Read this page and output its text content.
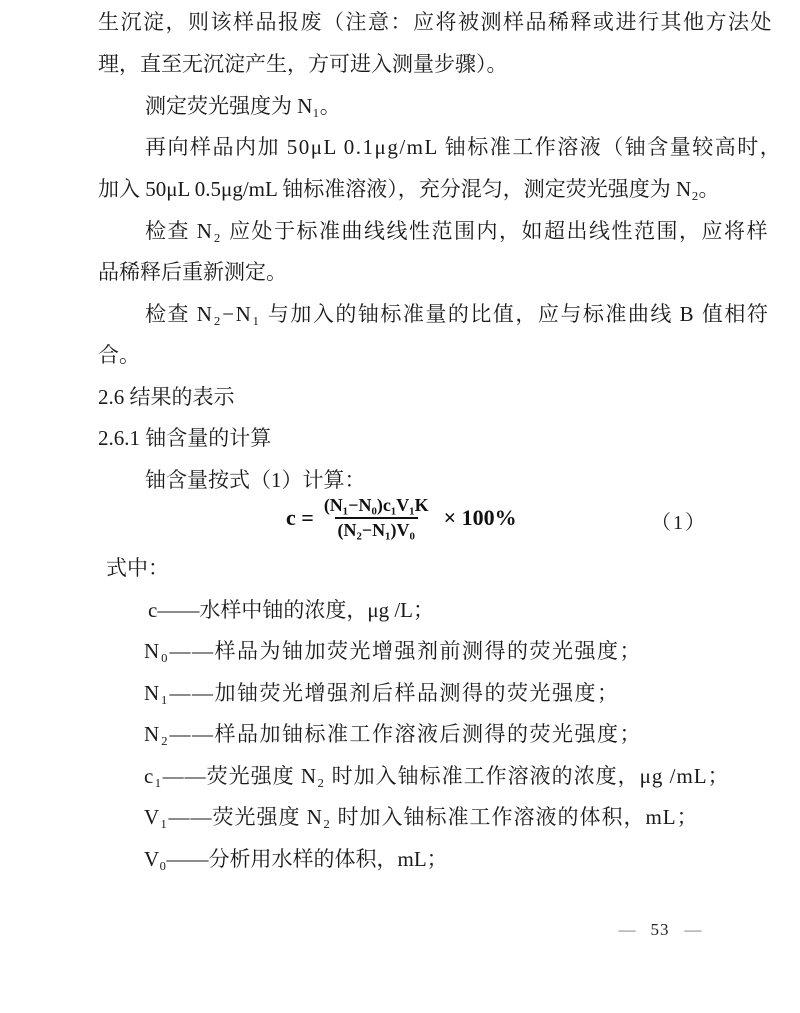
生沉淀，则该样品报废（注意：应将被测样品稀释或进行其他方法处
理，直至无沉淀产生，方可进入测量步骤）。
测定荧光强度为 N₁。
再向样品内加 50μL 0.1μg/mL 铀标准工作溶液（铀含量较高时，
加入 50μL 0.5μg/mL 铀标准溶液），充分混匀，测定荧光强度为 N₂。
检查 N₂ 应处于标准曲线线性范围内，如超出线性范围，应将样
品稀释后重新测定。
检查 N₂−N₁ 与加入的铀标准量的比值，应与标准曲线 B 值相符
合。
2.6 结果的表示
2.6.1 铀含量的计算
铀含量按式（1）计算：
$c = \frac{\text{(N₁−N₀)c₁V₁K}}{\text{(N₂−N₁)V₀}} \times 100\%$	（1）
式中：
c——水样中铀的浓度，μg /L；
N₀——样品为铀加荧光增强剂前测得的荧光强度；
N₁——加铀荧光增强剂后样品测得的荧光强度；
N₂——样品加铀标准工作溶液后测得的荧光强度；
c₁——荧光强度 N₂ 时加入铀标准工作溶液的浓度，μg /mL；
V₁——荧光强度 N₂ 时加入铀标准工作溶液的体积，mL；
V₀——分析用水样的体积，mL；
— 53 —
